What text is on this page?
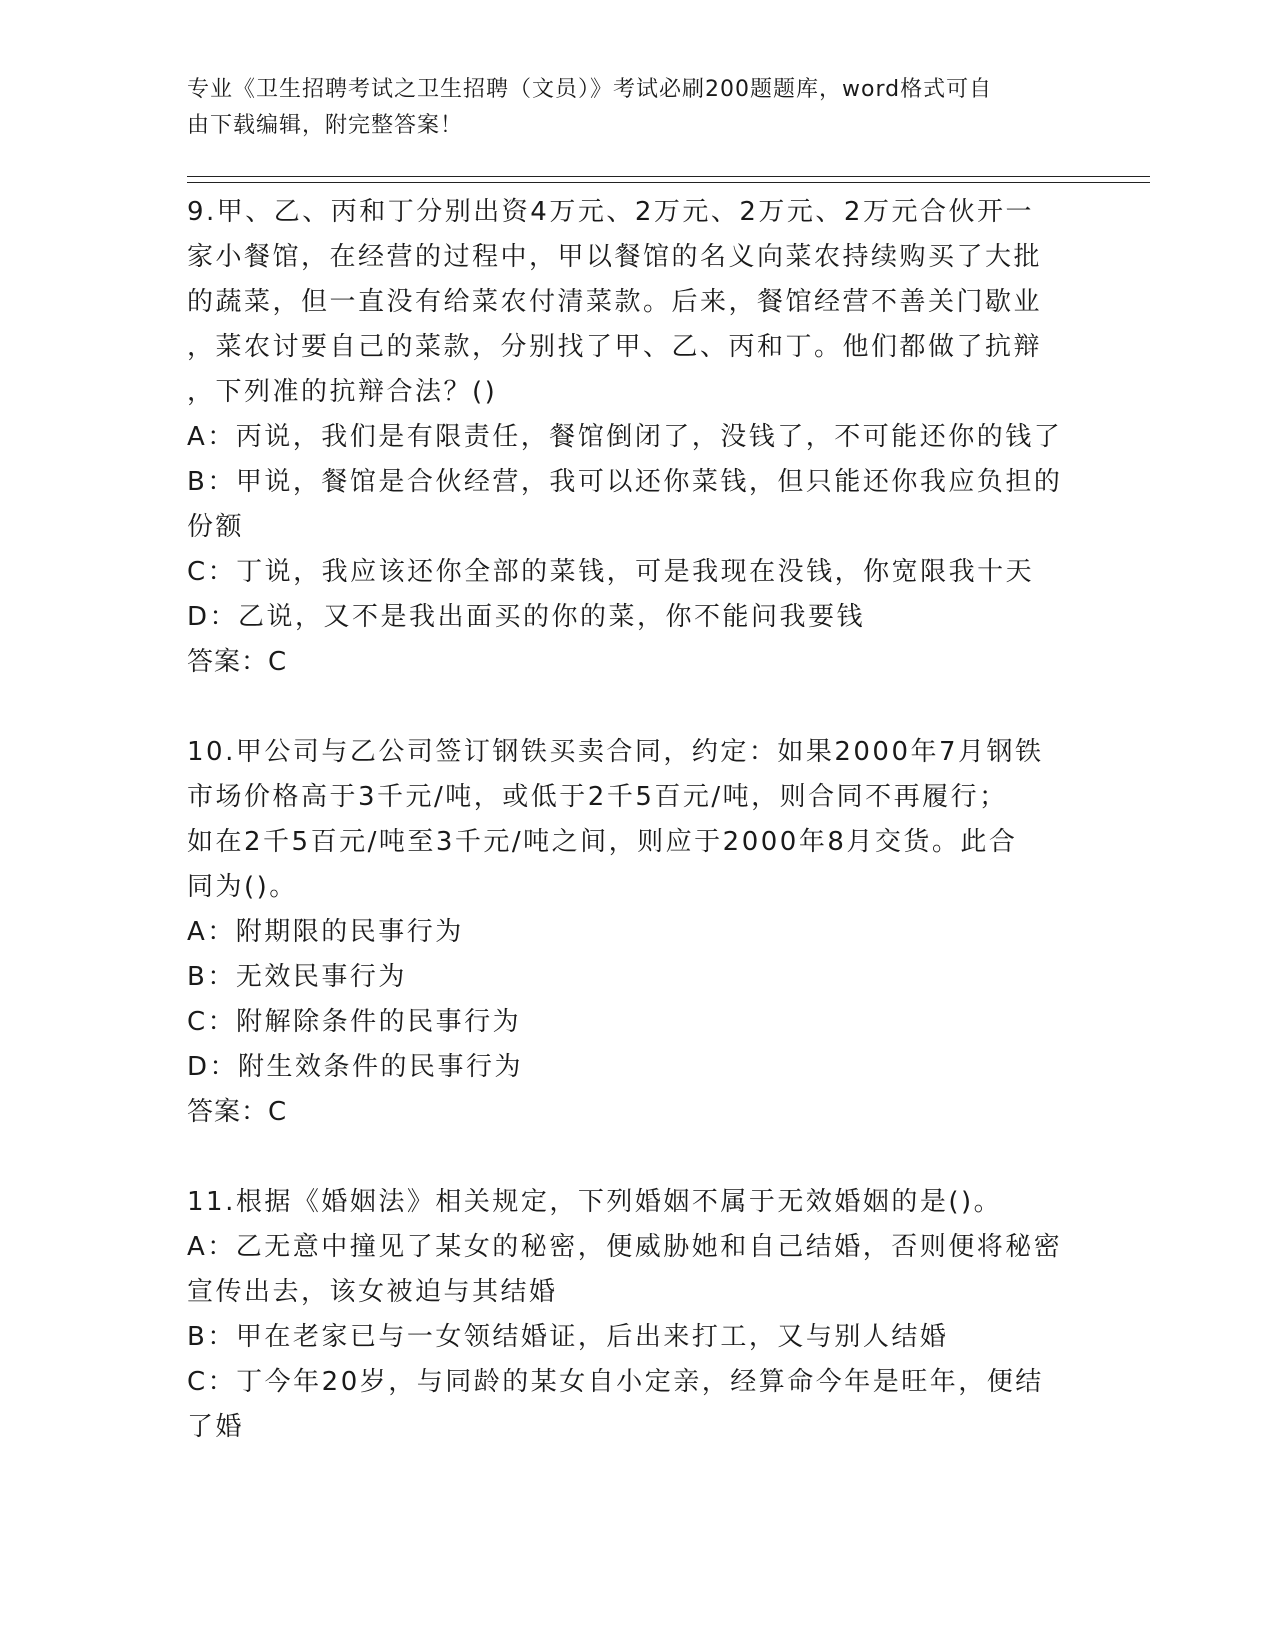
专业《卫生招聘考试之卫生招聘（文员）》考试必刷200题题库，word格式可自
由下载编辑，附完整答案！

9.甲、乙、丙和丁分别出资4万元、2万元、2万元、2万元合伙开一

家小餐馆，在经营的过程中，甲以餐馆的名义向菜农持续购买了大批

的蔬菜，但一直没有给菜农付清菜款。后来，餐馆经营不善关门歇业

，菜农讨要自己的菜款，分别找了甲、乙、丙和丁。他们都做了抗辩

，下列准的抗辩合法？()

A：丙说，我们是有限责任，餐馆倒闭了，没钱了，不可能还你的钱了

B：甲说，餐馆是合伙经营，我可以还你菜钱，但只能还你我应负担的

份额

C：丁说，我应该还你全部的菜钱，可是我现在没钱，你宽限我十天

D：乙说，又不是我出面买的你的菜，你不能问我要钱

答案：C

10.甲公司与乙公司签订钢铁买卖合同，约定：如果2000年7月钢铁

市场价格高于3千元/吨，或低于2千5百元/吨，则合同不再履行；

如在2千5百元/吨至3千元/吨之间，则应于2000年8月交货。此合

同为()。

A：附期限的民事行为

B：无效民事行为

C：附解除条件的民事行为

D：附生效条件的民事行为

答案：C

11.根据《婚姻法》相关规定，下列婚姻不属于无效婚姻的是()。

A：乙无意中撞见了某女的秘密，便威胁她和自己结婚，否则便将秘密

宣传出去，该女被迫与其结婚

B：甲在老家已与一女领结婚证，后出来打工，又与别人结婚

C：丁今年20岁，与同龄的某女自小定亲，经算命今年是旺年，便结

了婚
